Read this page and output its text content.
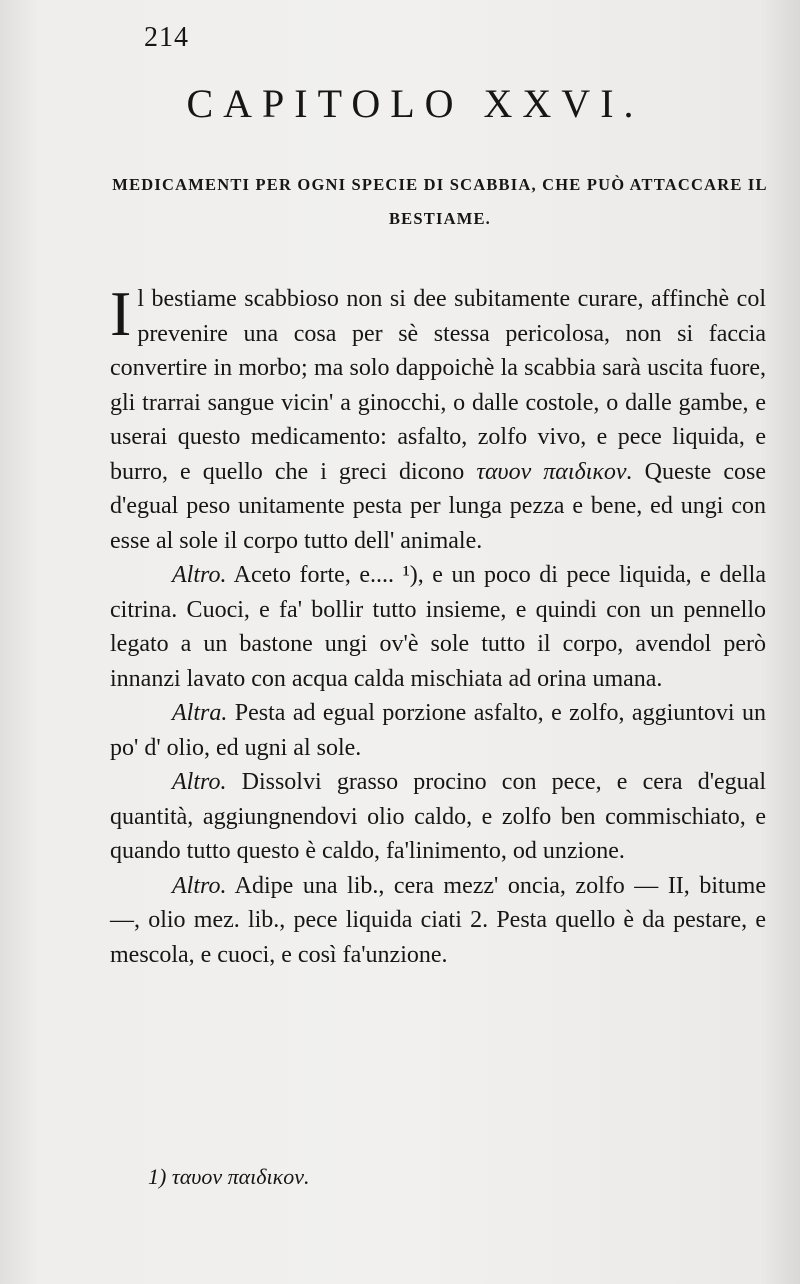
214
CAPITOLO XXVI.
MEDICAMENTI PER OGNI SPECIE DI SCABBIA, CHE PUÒ ATTACCARE IL BESTIAME.

Il bestiame scabbioso non si dee subitamente curare, affinchè col prevenire una cosa per sè stessa pericolosa, non si faccia convertire in morbo; ma solo dappoichè la scabbia sarà uscita fuore, gli trarrai sangue vicin' a ginocchi, o dalle costole, o dalle gambe, e userai questo medicamento: asfalto, zolfo vivo, e pece liquida, e burro, e quello che i greci dicono ταυον παιδικον. Queste cose d'egual peso unitamente pesta per lunga pezza e bene, ed ungi con esse al sole il corpo tutto dell' animale.

Altro. Aceto forte, e.... ¹), e un poco di pece liquida, e della citrina. Cuoci, e fa' bollir tutto insieme, e quindi con un pennello legato a un bastone ungi ov'è sole tutto il corpo, avendol però innanzi lavato con acqua calda mischiata ad orina umana.

Altra. Pesta ad egual porzione asfalto, e zolfo, aggiuntovi un po' d' olio, ed ugni al sole.

Altro. Dissolvi grasso procino con pece, e cera d'egual quantità, aggiungnendovi olio caldo, e zolfo ben commischiato, e quando tutto questo è caldo, fa'linimento, od unzione.

Altro. Adipe una lib., cera mezz' oncia, zolfo — II, bitume —, olio mez. lib., pece liquida ciati 2. Pesta quello è da pestare, e mescola, e cuoci, e così fa'unzione.

1) ταυον παιδικον.
